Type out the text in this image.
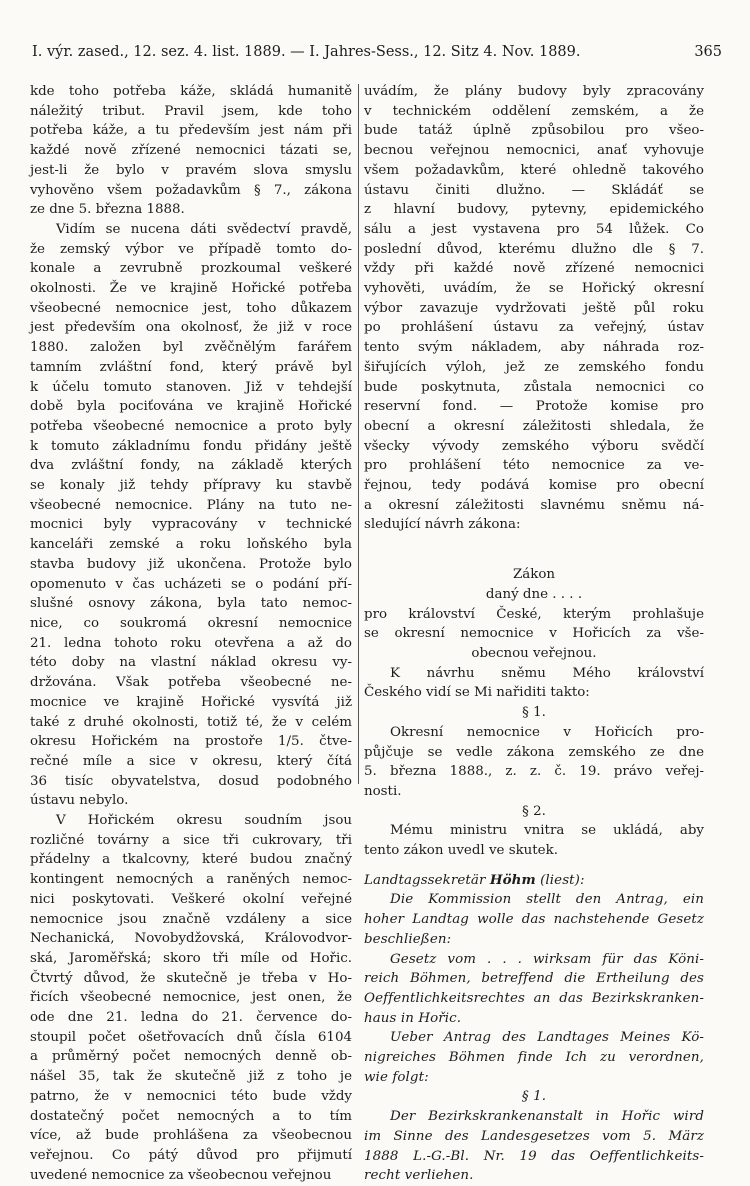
I. výr. zased., 12. sez. 4. list. 1889. — I. Jahres-Sess., 12. Sitz 4. Nov. 1889.	365
kde toho potřeba káže, skládá humanitě
náležitý tribut. Pravil jsem, kde toho
potřeba káže, a tu především jest nám při
každé nově zřízené nemocnici tázati se,
jest-li že bylo v pravém slova smyslu
vyhověno všem požadavkům § 7., zákona
ze dne 5. března 1888.
Vidím se nucena dáti svědectví pravdě,
že zemský výbor ve případě tomto do-
konale a zevrubně prozkoumal veškeré
okolnosti. Že ve krajině Hořické potřeba
všeobecné nemocnice jest, toho důkazem
jest především ona okolnosť, že již v roce
1880. založen byl zvěčnělým farářem
tamním zvláštní fond, který právě byl
k účelu tomuto stanoven. Již v tehdejší
době byla pociťována ve krajině Hořické
potřeba všeobecné nemocnice a proto byly
k tomuto základnímu fondu přidány ještě
dva zvláštní fondy, na základě kterých
se konaly již tehdy přípravy ku stavbě
všeobecné nemocnice. Plány na tuto ne-
mocnici byly vypracovány v technické
kanceláři zemské a roku loňského byla
stavba budovy již ukončena. Protože bylo
opomenuto v čas ucházeti se o podání pří-
slušné osnovy zákona, byla tato nemoc-
nice, co soukromá okresní nemocnice
21. ledna tohoto roku otevřena a až do
této doby na vlastní náklad okresu vy-
držována. Však potřeba všeobecné ne-
mocnice ve krajině Hořické vysvítá již
také z druhé okolnosti, totiž té, že v celém
okresu Hořickém na prostoře 1/5. čtve-
rečné míle a sice v okresu, který čítá
36 tisíc obyvatelstva, dosud podobného
ústavu nebylo.
V Hořickém okresu soudním jsou
rozličné továrny a sice tři cukrovary, tři
přádelny a tkalcovny, které budou značný
kontingent nemocných a raněných nemoc-
nici poskytovati. Veškeré okolní veřejné
nemocnice jsou značně vzdáleny a sice
Nechanická, Novobydžovská, Královodvor-
ská, Jaroměřská; skoro tři míle od Hořic.
Čtvrtý důvod, že skutečně je třeba v Ho-
řicích všeobecné nemocnice, jest onen, že
ode dne 21. ledna do 21. července do-
stoupil počet ošetřovacích dnů čísla 6104
a průměrný počet nemocných denně ob-
nášel 35, tak že skutečně již z toho je
patrno, že v nemocnici této bude vždy
dostatečný počet nemocných a to tím
více, až bude prohlášena za všeobecnou
veřejnou. Co pátý důvod pro přijmutí
uvedené nemocnice za všeobecnou veřejnou
uvádím, že plány budovy byly zpracovány
v technickém oddělení zemském, a že
bude tatáž úplně způsobilou pro všeo-
becnou veřejnou nemocnici, anať vyhovuje
všem požadavkům, které ohledně takového
ústavu činiti dlužno. — Skládáť se
z hlavní budovy, pytevny, epidemického
sálu a jest vystavena pro 54 lůžek. Co
poslední důvod, kterému dlužno dle § 7.
vždy při každé nově zřízené nemocnici
vyhověti, uvádím, že se Hořický okresní
výbor zavazuje vydržovati ještě půl roku
po prohlášení ústavu za veřejný, ústav
tento svým nákladem, aby náhrada roz-
šiřujících výloh, jež ze zemského fondu
bude poskytnuta, zůstala nemocnici co
reservní fond. — Protože komise pro
obecní a okresní záležitosti shledala, že
všecky vývody zemského výboru svědčí
pro prohlášení této nemocnice za ve-
řejnou, tedy podává komise pro obecní
a okresní záležitosti slavnému sněmu ná-
sledující návrh zákona:
Zákon
daný dne . . . .
pro království České, kterým prohlašuje
se okresní nemocnice v Hořicích za vše-
obecnou veřejnou.
K návrhu sněmu Mého království
Českého vidí se Mi nařiditi takto:
§ 1.
Okresní nemocnice v Hořicích pro-
půjčuje se vedle zákona zemského ze dne
5. března 1888., z. z. č. 19. právo veřej-
nosti.
§ 2.
Mému ministru vnitra se ukládá, aby
tento zákon uvedl ve skutek.
Landtagssekretär Höhm (liest):
Die Kommission stellt den Antrag, ein
hoher Landtag wolle das nachstehende Gesetz
beschließen:
Gesetz vom . . . wirksam für das Köni-
reich Böhmen, betreffend die Ertheilung des
Oeffentlichkeitsrechtes an das Bezirkskranken-
haus in Hořic.
Ueber Antrag des Landtages Meines Kö-
nigreiches Böhmen finde Ich zu verordnen,
wie folgt:
§ 1.
Der Bezirkskrankenanstalt in Hořic wird
im Sinne des Landesgesetzes vom 5. März
1888 L.-G.-Bl. Nr. 19 das Oeffentlichkeits-
recht verliehen.
